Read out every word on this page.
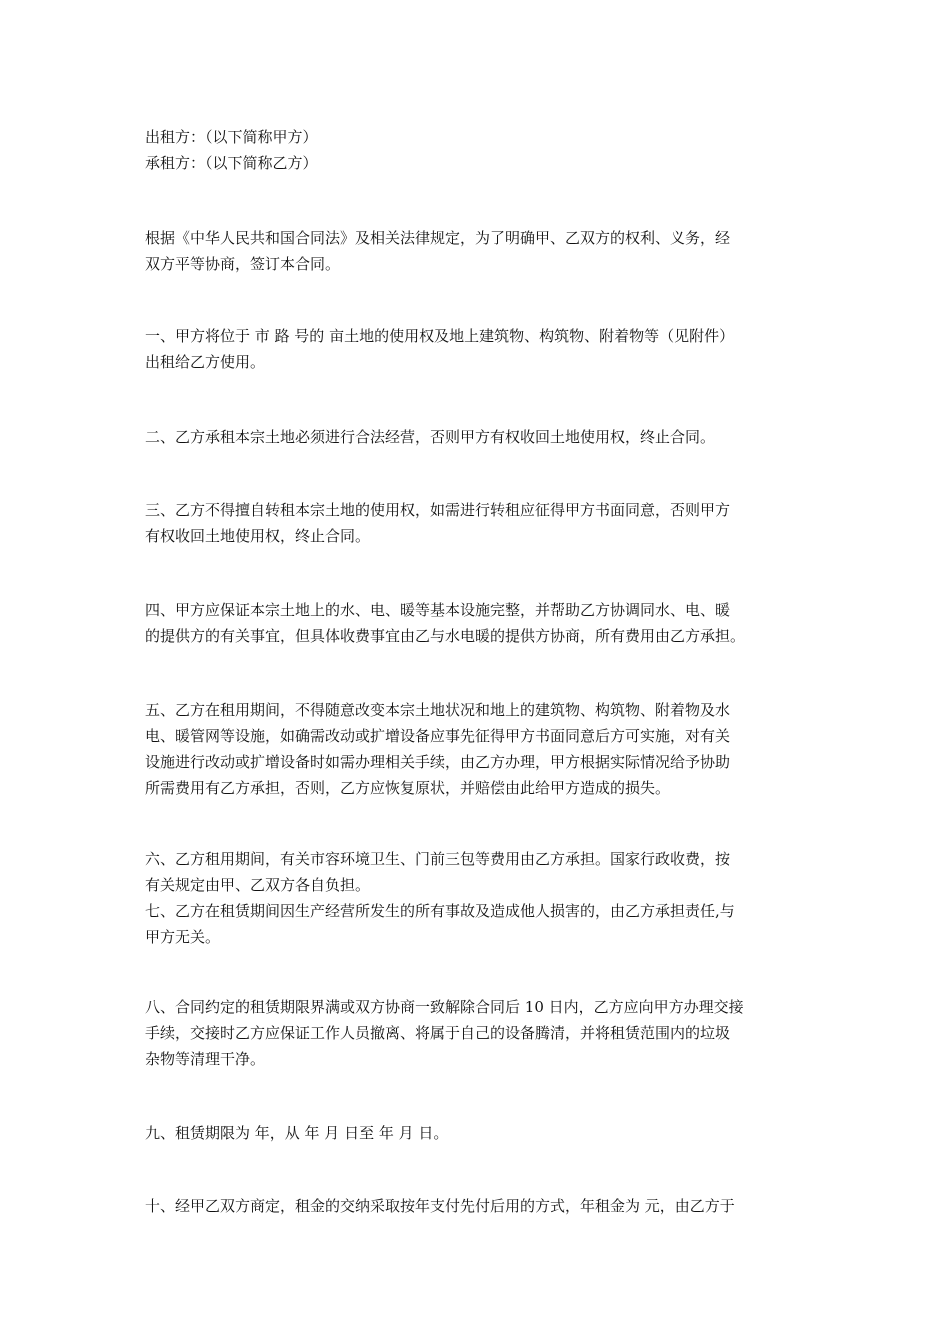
出租方：（以下简称甲方）
承租方：（以下简称乙方）
根据《中华人民共和国合同法》及相关法律规定，为了明确甲、乙双方的权利、义务，经
双方平等协商，签订本合同。
一、甲方将位于 市 路 号的 亩土地的使用权及地上建筑物、构筑物、附着物等（见附件）
出租给乙方使用。
二、乙方承租本宗土地必须进行合法经营，否则甲方有权收回土地使用权，终止合同。
三、乙方不得擅自转租本宗土地的使用权，如需进行转租应征得甲方书面同意，否则甲方
有权收回土地使用权，终止合同。
四、甲方应保证本宗土地上的水、电、暖等基本设施完整，并帮助乙方协调同水、电、暖
的提供方的有关事宜，但具体收费事宜由乙与水电暖的提供方协商，所有费用由乙方承担。
五、乙方在租用期间，不得随意改变本宗土地状况和地上的建筑物、构筑物、附着物及水
电、暖管网等设施，如确需改动或扩增设备应事先征得甲方书面同意后方可实施，对有关
设施进行改动或扩增设备时如需办理相关手续，由乙方办理，甲方根据实际情况给予协助
所需费用有乙方承担，否则，乙方应恢复原状，并赔偿由此给甲方造成的损失。
六、乙方租用期间，有关市容环境卫生、门前三包等费用由乙方承担。国家行政收费，按
有关规定由甲、乙双方各自负担。
七、乙方在租赁期间因生产经营所发生的所有事故及造成他人损害的，由乙方承担责任,与
甲方无关。
八、合同约定的租赁期限界满或双方协商一致解除合同后 10 日内，乙方应向甲方办理交接
手续，交接时乙方应保证工作人员撤离、将属于自己的设备腾清，并将租赁范围内的垃圾
杂物等清理干净。
九、租赁期限为 年，从 年 月 日至 年 月 日。
十、经甲乙双方商定，租金的交纳采取按年支付先付后用的方式，年租金为 元，由乙方于
